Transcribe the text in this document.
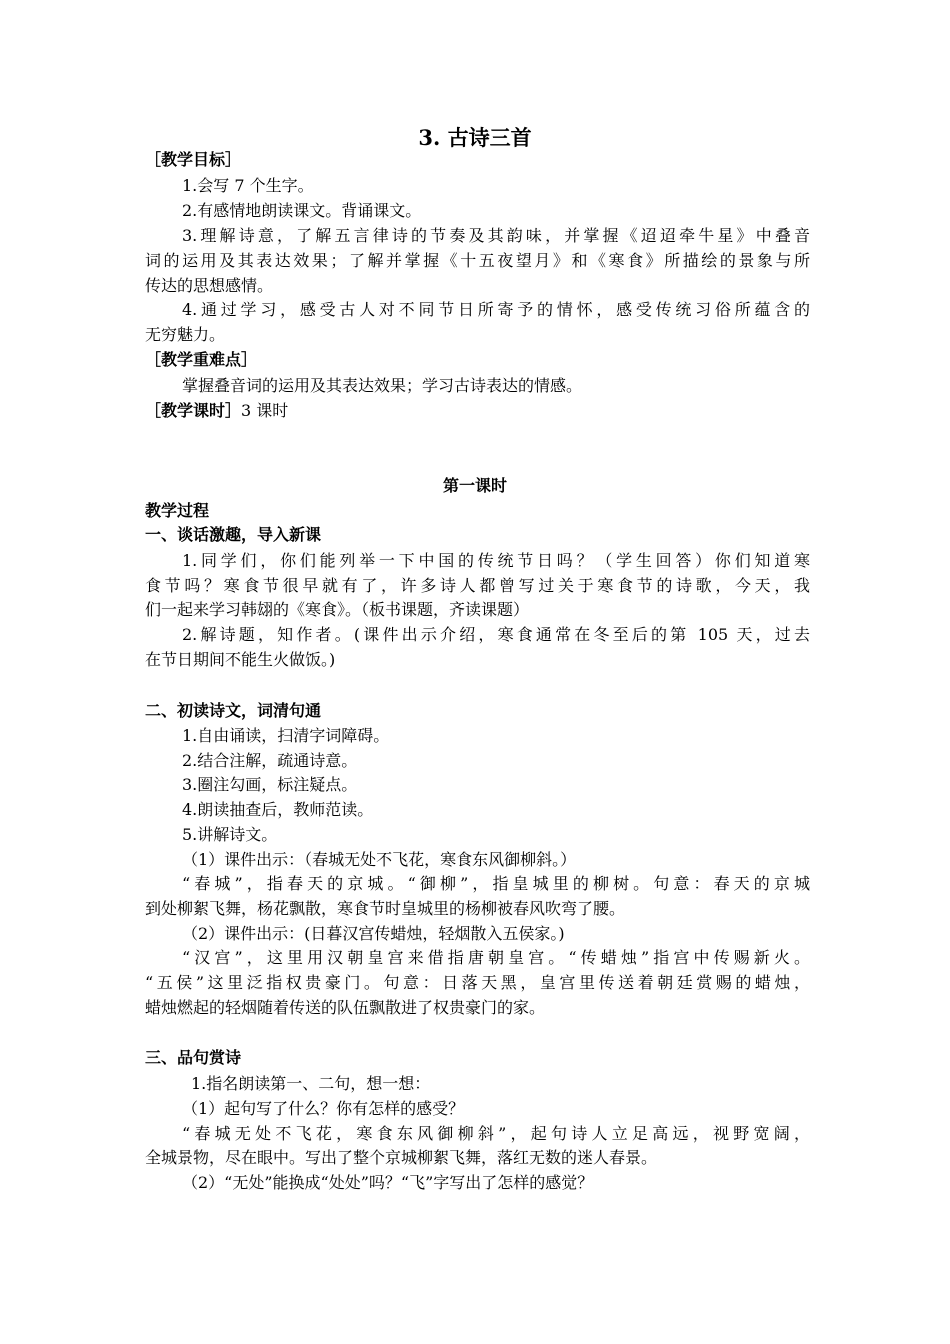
3. 古诗三首
［教学目标］
1.会写 7 个生字。
2.有感情地朗读课文。背诵课文。
3.理解诗意，了解五言律诗的节奏及其韵味，并掌握《迢迢牵牛星》中叠音
词的运用及其表达效果；了解并掌握《十五夜望月》和《寒食》所描绘的景象与所
传达的思想感情。
4.通过学习，感受古人对不同节日所寄予的情怀，感受传统习俗所蕴含的
无穷魅力。
［教学重难点］
掌握叠音词的运用及其表达效果；学习古诗表达的情感。
［教学课时］3 课时
第一课时
教学过程
一、谈话激趣，导入新课
1.同学们，你们能列举一下中国的传统节日吗？（学生回答）你们知道寒
食节吗？寒食节很早就有了，许多诗人都曾写过关于寒食节的诗歌，今天，我
们一起来学习韩翃的《寒食》。（板书课题，齐读课题）
2.解诗题，知作者。(课件出示介绍，寒食通常在冬至后的第 105 天，过去
在节日期间不能生火做饭。)
二、初读诗文，词清句通
1.自由诵读，扫清字词障碍。
2.结合注解，疏通诗意。
3.圈注勾画，标注疑点。
4.朗读抽查后，教师范读。
5.讲解诗文。
（1）课件出示：（春城无处不飞花，寒食东风御柳斜。）
“春城”，指春天的京城。“御柳”，指皇城里的柳树。句意：春天的京城
到处柳絮飞舞，杨花飘散，寒食节时皇城里的杨柳被春风吹弯了腰。
（2）课件出示：(日暮汉宫传蜡烛，轻烟散入五侯家。)
“汉宫”，这里用汉朝皇宫来借指唐朝皇宫。“传蜡烛”指宫中传赐新火。
“五侯”这里泛指权贵豪门。句意：日落天黑，皇宫里传送着朝廷赏赐的蜡烛，
蜡烛燃起的轻烟随着传送的队伍飘散进了权贵豪门的家。
三、品句赏诗
1.指名朗读第一、二句，想一想：
（1）起句写了什么？你有怎样的感受？
“春城无处不飞花，寒食东风御柳斜”，起句诗人立足高远，视野宽阔，
全城景物，尽在眼中。写出了整个京城柳絮飞舞，落红无数的迷人春景。
（2）“无处”能换成“处处”吗？“飞”字写出了怎样的感觉？
